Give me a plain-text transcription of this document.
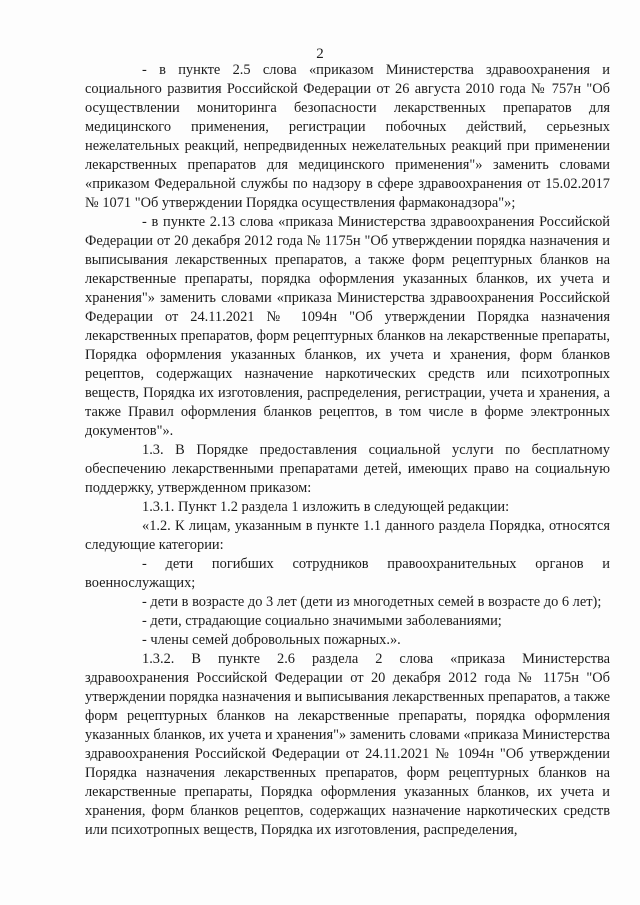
2

- в пункте 2.5 слова «приказом Министерства здравоохранения и социального развития Российской Федерации от 26 августа 2010 года № 757н "Об осуществлении мониторинга безопасности лекарственных препаратов для медицинского применения, регистрации побочных действий, серьезных нежелательных реакций, непредвиденных нежелательных реакций при применении лекарственных препаратов для медицинского применения"» заменить словами «приказом Федеральной службы по надзору в сфере здравоохранения от 15.02.2017 № 1071 "Об утверждении Порядка осуществления фармаконадзора"»;

- в пункте 2.13 слова «приказа Министерства здравоохранения Российской Федерации от 20 декабря 2012 года № 1175н "Об утверждении порядка назначения и выписывания лекарственных препаратов, а также форм рецептурных бланков на лекарственные препараты, порядка оформления указанных бланков, их учета и хранения"» заменить словами «приказа Министерства здравоохранения Российской Федерации от 24.11.2021 № 1094н "Об утверждении Порядка назначения лекарственных препаратов, форм рецептурных бланков на лекарственные препараты, Порядка оформления указанных бланков, их учета и хранения, форм бланков рецептов, содержащих назначение наркотических средств или психотропных веществ, Порядка их изготовления, распределения, регистрации, учета и хранения, а также Правил оформления бланков рецептов, в том числе в форме электронных документов"».

1.3. В Порядке предоставления социальной услуги по бесплатному обеспечению лекарственными препаратами детей, имеющих право на социальную поддержку, утвержденном приказом:

1.3.1. Пункт 1.2 раздела 1 изложить в следующей редакции:

«1.2. К лицам, указанным в пункте 1.1 данного раздела Порядка, относятся следующие категории:

- дети погибших сотрудников правоохранительных органов и военнослужащих;

- дети в возрасте до 3 лет (дети из многодетных семей в возрасте до 6 лет);

- дети, страдающие социально значимыми заболеваниями;

- члены семей добровольных пожарных.».

1.3.2. В пункте 2.6 раздела 2 слова «приказа Министерства здравоохранения Российской Федерации от 20 декабря 2012 года № 1175н "Об утверждении порядка назначения и выписывания лекарственных препаратов, а также форм рецептурных бланков на лекарственные препараты, порядка оформления указанных бланков, их учета и хранения"» заменить словами «приказа Министерства здравоохранения Российской Федерации от 24.11.2021 № 1094н "Об утверждении Порядка назначения лекарственных препаратов, форм рецептурных бланков на лекарственные препараты, Порядка оформления указанных бланков, их учета и хранения, форм бланков рецептов, содержащих назначение наркотических средств или психотропных веществ, Порядка их изготовления, распределения,
